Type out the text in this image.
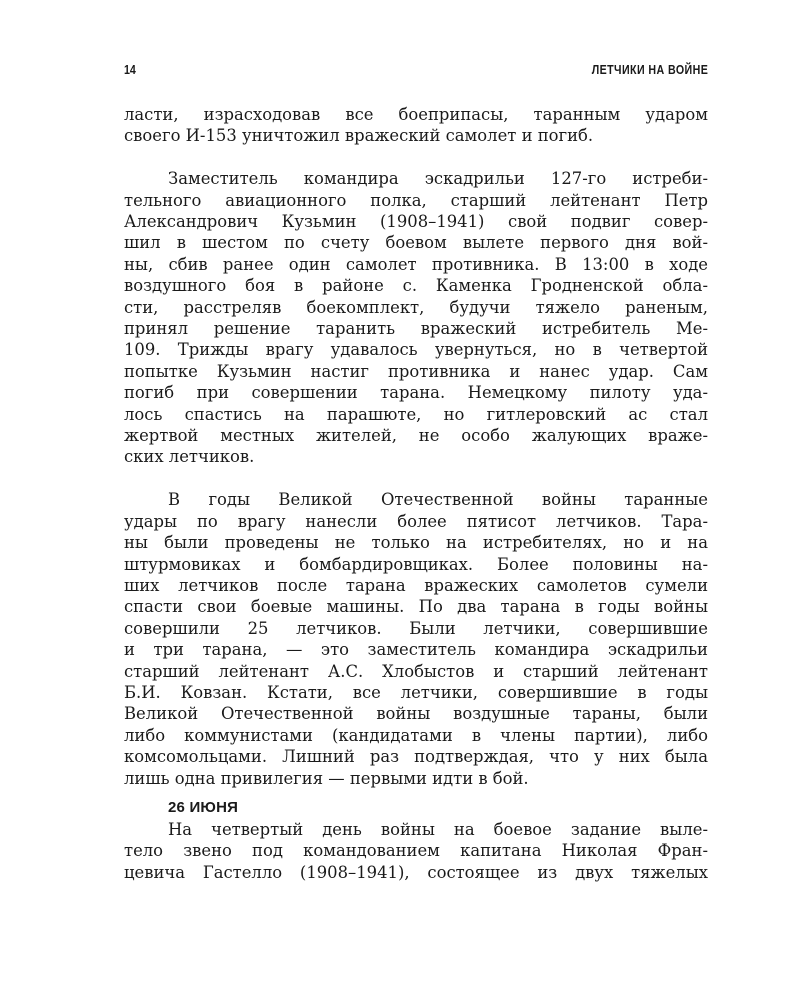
14	ЛЕТЧИКИ НА ВОЙНЕ
ласти, израсходовав все боеприпасы, таранным ударом
своего И-153 уничтожил вражеский самолет и погиб.
Заместитель командира эскадрильи 127-го истреби-
тельного авиационного полка, старший лейтенант Петр
Александрович Кузьмин (1908–1941) свой подвиг совер-
шил в шестом по счету боевом вылете первого дня вой-
ны, сбив ранее один самолет противника. В 13:00 в ходе
воздушного боя в районе с. Каменка Гродненской обла-
сти, расстреляв боекомплект, будучи тяжело раненым,
принял решение таранить вражеский истребитель Ме-
109. Трижды врагу удавалось увернуться, но в четвертой
попытке Кузьмин настиг противника и нанес удар. Сам
погиб при совершении тарана. Немецкому пилоту уда-
лось спастись на парашюте, но гитлеровский ас стал
жертвой местных жителей, не особо жалующих враже-
ских летчиков.
В годы Великой Отечественной войны таранные
удары по врагу нанесли более пятисот летчиков. Тара-
ны были проведены не только на истребителях, но и на
штурмовиках и бомбардировщиках. Более половины на-
ших летчиков после тарана вражеских самолетов сумели
спасти свои боевые машины. По два тарана в годы войны
совершили 25 летчиков. Были летчики, совершившие
и три тарана, — это заместитель командира эскадрильи
старший лейтенант А.С. Хлобыстов и старший лейтенант
Б.И. Ковзан. Кстати, все летчики, совершившие в годы
Великой Отечественной войны воздушные тараны, были
либо коммунистами (кандидатами в члены партии), либо
комсомольцами. Лишний раз подтверждая, что у них была
лишь одна привилегия — первыми идти в бой.
26 ИЮНЯ
На четвертый день войны на боевое задание выле-
тело звено под командованием капитана Николая Фран-
цевича Гастелло (1908–1941), состоящее из двух тяжелых
